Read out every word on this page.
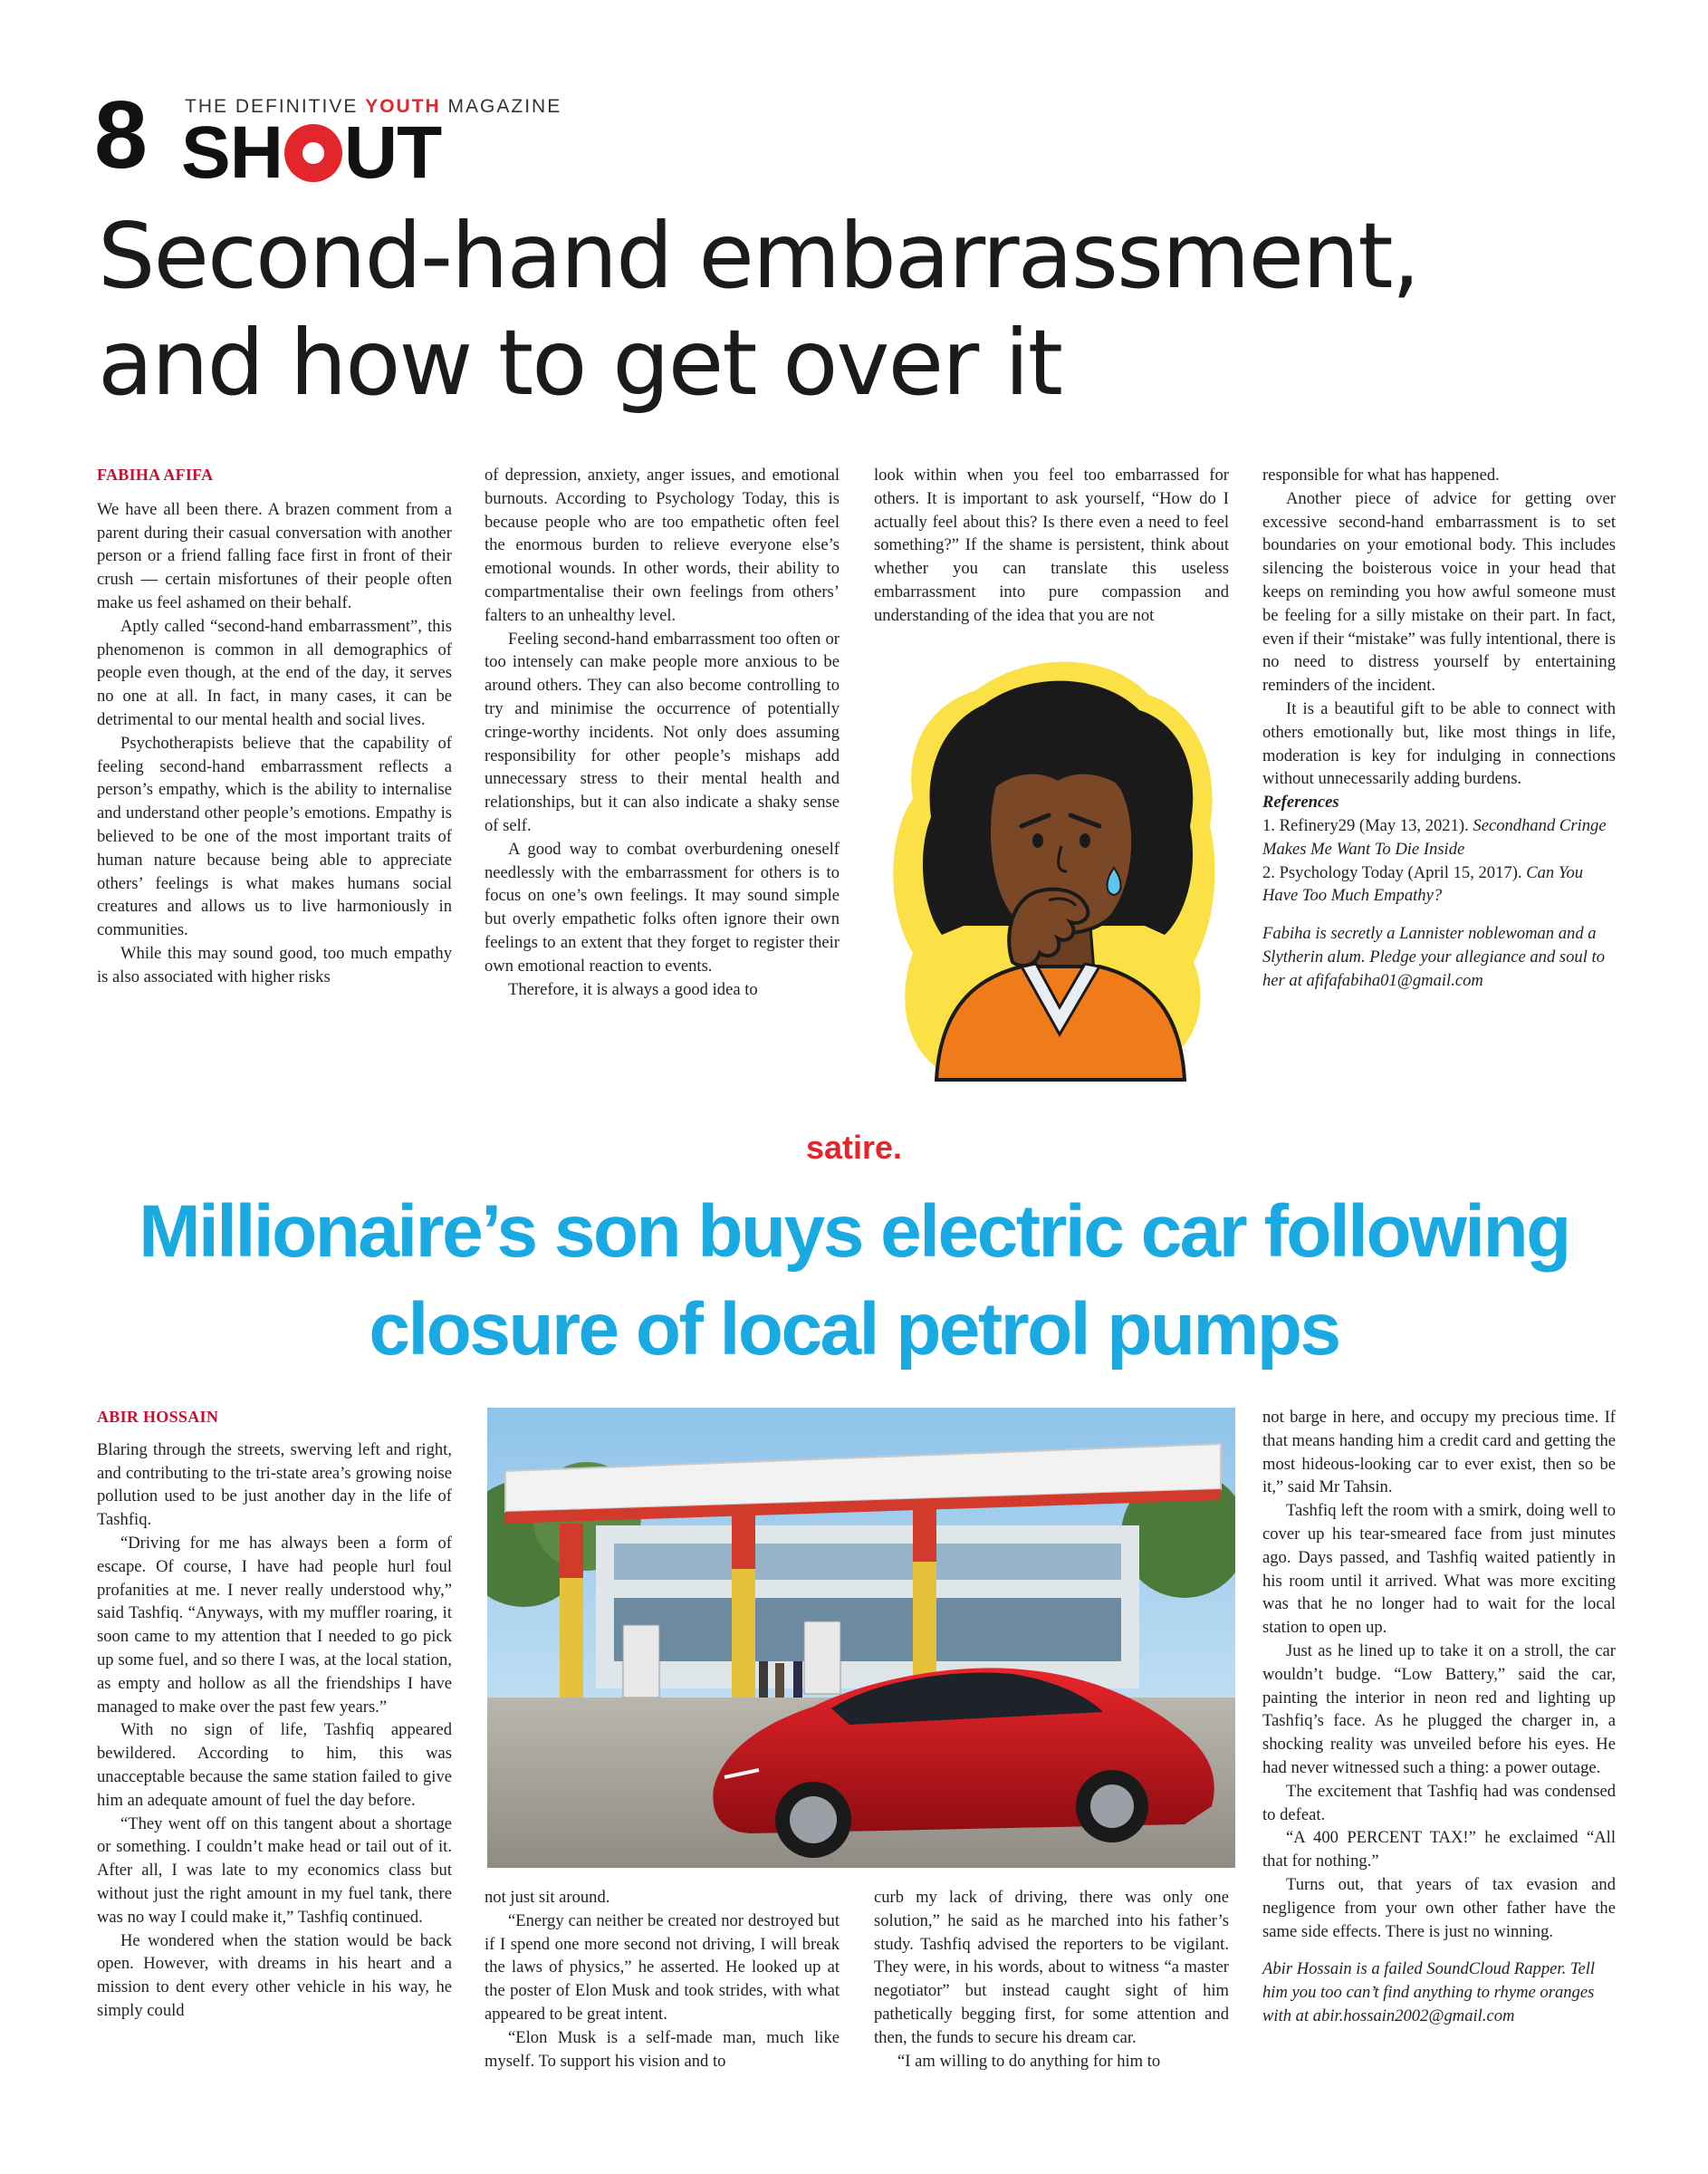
8 THE DEFINITIVE YOUTH MAGAZINE
SH UT
Second-hand embarrassment,
and how to get over it

FABIHA AFIFA

We have all been there. A brazen comment from a parent during their casual conversation with another person or a friend falling face first in front of their crush — certain misfortunes of their people often make us feel ashamed on their behalf.

Aptly called “second-hand embarrassment”, this phenomenon is common in all demographics of people even though, at the end of the day, it serves no one at all. In fact, in many cases, it can be detrimental to our mental health and social lives.

Psychotherapists believe that the capability of feeling second-hand embarrassment reflects a person’s empathy, which is the ability to internalise and understand other people’s emotions. Empathy is believed to be one of the most important traits of human nature because being able to appreciate others’ feelings is what makes humans social creatures and allows us to live harmoniously in communities.

While this may sound good, too much empathy is also associated with higher risks

of depression, anxiety, anger issues, and emotional burnouts. According to Psychology Today, this is because people who are too empathetic often feel the enormous burden to relieve everyone else’s emotional wounds. In other words, their ability to compartmentalise their own feelings from others’ falters to an unhealthy level.

Feeling second-hand embarrassment too often or too intensely can make people more anxious to be around others. They can also become controlling to try and minimise the occurrence of potentially cringe-worthy incidents. Not only does assuming responsibility for other people’s mishaps add unnecessary stress to their mental health and relationships, but it can also indicate a shaky sense of self.

A good way to combat overburdening oneself needlessly with the embarrassment for others is to focus on one’s own feelings. It may sound simple but overly empathetic folks often ignore their own feelings to an extent that they forget to register their own emotional reaction to events.

Therefore, it is always a good idea to

look within when you feel too embarrassed for others. It is important to ask yourself, “How do I actually feel about this? Is there even a need to feel something?” If the shame is persistent, think about whether you can translate this useless embarrassment into pure compassion and understanding of the idea that you are not

responsible for what has happened.

Another piece of advice for getting over excessive second-hand embarrassment is to set boundaries on your emotional body. This includes silencing the boisterous voice in your head that keeps on reminding you how awful someone must be feeling for a silly mistake on their part. In fact, even if their “mistake” was fully intentional, there is no need to distress yourself by entertaining reminders of the incident.

It is a beautiful gift to be able to connect with others emotionally but, like most things in life, moderation is key for indulging in connections without unnecessarily adding burdens.

References

1. Refinery29 (May 13, 2021). Secondhand Cringe Makes Me Want To Die Inside

2. Psychology Today (April 15, 2017). Can You Have Too Much Empathy?

Fabiha is secretly a Lannister noblewoman and a Slytherin alum. Pledge your allegiance and soul to her at afifafabiha01@gmail.com

satire.
Millionaire’s son buys electric car following
closure of local petrol pumps

ABIR HOSSAIN

Blaring through the streets, swerving left and right, and contributing to the tri-state area’s growing noise pollution used to be just another day in the life of Tashfiq.

“Driving for me has always been a form of escape. Of course, I have had people hurl foul profanities at me. I never really understood why,” said Tashfiq. “Anyways, with my muffler roaring, it soon came to my attention that I needed to go pick up some fuel, and so there I was, at the local station, as empty and hollow as all the friendships I have managed to make over the past few years.”

With no sign of life, Tashfiq appeared bewildered. According to him, this was unacceptable because the same station failed to give him an adequate amount of fuel the day before.

“They went off on this tangent about a shortage or something. I couldn’t make head or tail out of it. After all, I was late to my economics class but without just the right amount in my fuel tank, there was no way I could make it,” Tashfiq continued.

He wondered when the station would be back open. However, with dreams in his heart and a mission to dent every other vehicle in his way, he simply could

not just sit around.

“Energy can neither be created nor destroyed but if I spend one more second not driving, I will break the laws of physics,” he asserted. He looked up at the poster of Elon Musk and took strides, with what appeared to be great intent.

“Elon Musk is a self-made man, much like myself. To support his vision and to

curb my lack of driving, there was only one solution,” he said as he marched into his father’s study. Tashfiq advised the reporters to be vigilant. They were, in his words, about to witness “a master negotiator” but instead caught sight of him pathetically begging first, for some attention and then, the funds to secure his dream car.

“I am willing to do anything for him to

not barge in here, and occupy my precious time. If that means handing him a credit card and getting the most hideous-looking car to ever exist, then so be it,” said Mr Tahsin.

Tashfiq left the room with a smirk, doing well to cover up his tear-smeared face from just minutes ago. Days passed, and Tashfiq waited patiently in his room until it arrived. What was more exciting was that he no longer had to wait for the local station to open up.

Just as he lined up to take it on a stroll, the car wouldn’t budge. “Low Battery,” said the car, painting the interior in neon red and lighting up Tashfiq’s face. As he plugged the charger in, a shocking reality was unveiled before his eyes. He had never witnessed such a thing: a power outage.

The excitement that Tashfiq had was condensed to defeat.

“A 400 PERCENT TAX!” he exclaimed “All that for nothing.”

Turns out, that years of tax evasion and negligence from your own other father have the same side effects. There is just no winning.

Abir Hossain is a failed SoundCloud Rapper. Tell him you too can’t find anything to rhyme oranges with at abir.hossain2002@gmail.com
